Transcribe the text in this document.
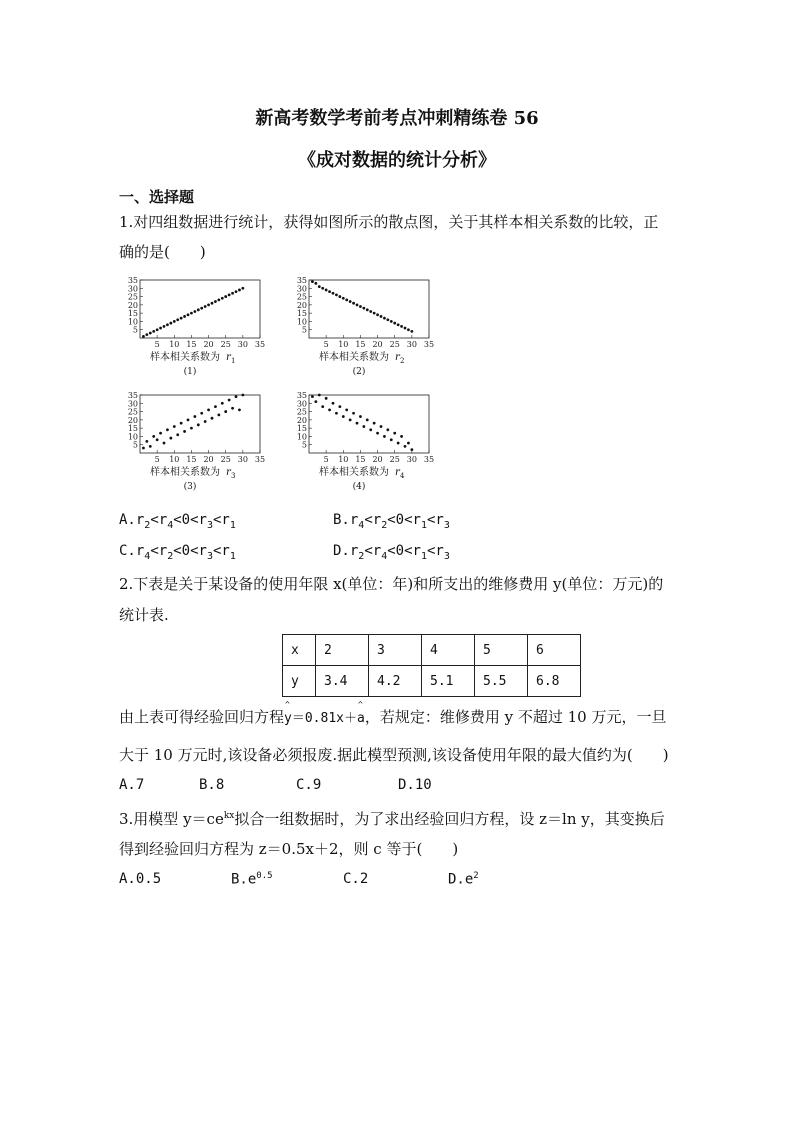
新高考数学考前考点冲刺精练卷 56
《成对数据的统计分析》
一、选择题
1.对四组数据进行统计，获得如图所示的散点图，关于其样本相关系数的比较，正
确的是(　　)
5
10
15
20
25
30
35
5 10 15 20 25 30 35
样本相关系数为 r 1
(1)
5
10
15
20
25
30
35
5 10 15 20 25 30 35
样本相关系数为 r 2
(2)
5
10
15
20
25
30
35
5 10 15 20 25 30 35
样本相关系数为 r 3
(3)
5
10
15
20
25
30
35
5 10 15 20 25 30 35
样本相关系数为 r 4
(4)
$A.r_2<r_4<0<r_3<r_1$	$B.r_4<r_2<0<r_1<r_3$
$C.r_4<r_2<0<r_3<r_1$	$D.r_2<r_4<0<r_1<r_3$
2.下表是关于某设备的使用年限 x(单位：年)和所支出的维修费用 y(单位：万元)的
统计表.
x	2	3	4	5	6
y	3.4	4.2	5.1	5.5	6.8
由上表可得经验回归方程^ y＝0.81x＋^ a，若规定：维修费用 y 不超过 10 万元，一旦
大于 10 万元时,该设备必须报废.据此模型预测,该设备使用年限的最大值约为(　　)
A.7	B.8	C.9	D.10
3.用模型 $y=ce^{kx}$拟合一组数据时，为了求出经验回归方程，设 z＝ln y，其变换后
得到经验回归方程为 z＝0.5x＋2，则 c 等于(　　)
A.0.5	$B.e^{0.5}$	C.2	$D.e^2$
